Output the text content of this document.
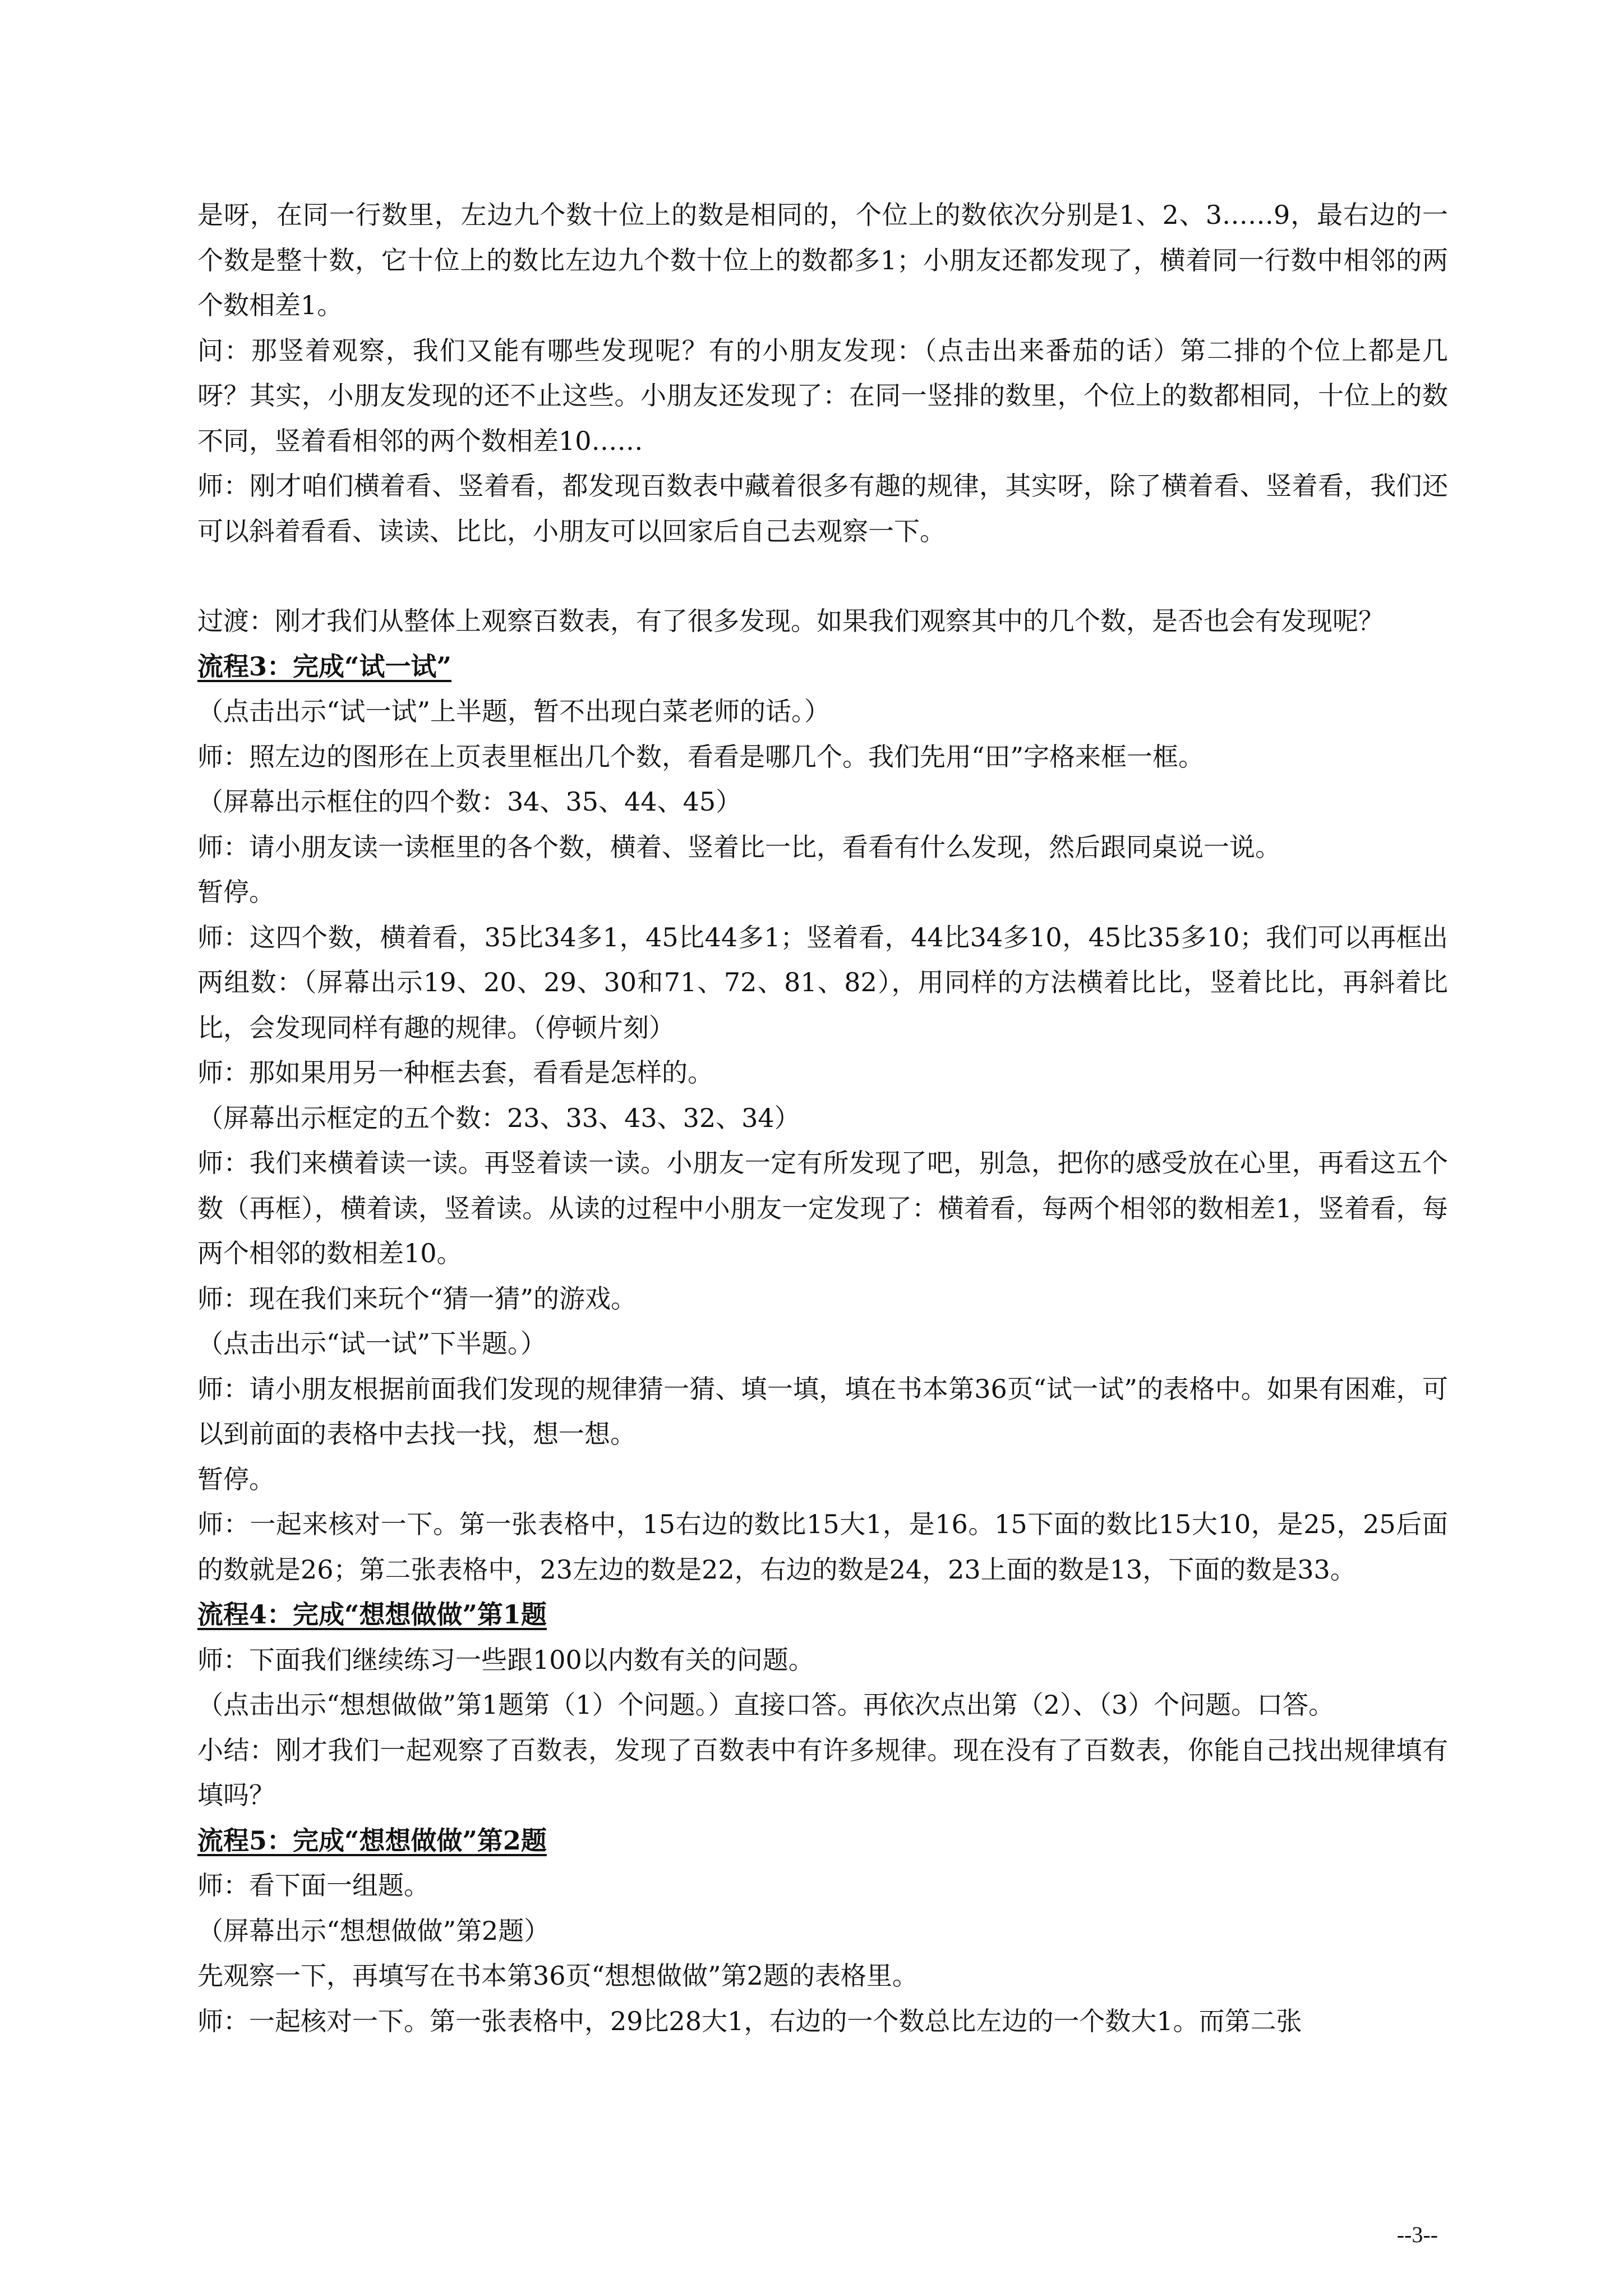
是呀，在同一行数里，左边九个数十位上的数是相同的，个位上的数依次分别是1、2、3……9，最右边的一个数是整十数，它十位上的数比左边九个数十位上的数都多1；小朋友还都发现了，横着同一行数中相邻的两个数相差1。

问：那竖着观察，我们又能有哪些发现呢？有的小朋友发现：（点击出来番茄的话）第二排的个位上都是几呀？其实，小朋友发现的还不止这些。小朋友还发现了：在同一竖排的数里，个位上的数都相同，十位上的数不同，竖着看相邻的两个数相差10……

师：刚才咱们横着看、竖着看，都发现百数表中藏着很多有趣的规律，其实呀，除了横着看、竖着看，我们还可以斜着看看、读读、比比，小朋友可以回家后自己去观察一下。

过渡：刚才我们从整体上观察百数表，有了很多发现。如果我们观察其中的几个数，是否也会有发现呢？

流程3：完成“试一试”

（点击出示“试一试”上半题，暂不出现白菜老师的话。）

师：照左边的图形在上页表里框出几个数，看看是哪几个。我们先用“田”字格来框一框。

（屏幕出示框住的四个数：34、35、44、45）

师：请小朋友读一读框里的各个数，横着、竖着比一比，看看有什么发现，然后跟同桌说一说。

暂停。

师：这四个数，横着看，35比34多1，45比44多1；竖着看，44比34多10，45比35多10；我们可以再框出两组数：（屏幕出示19、20、29、30和71、72、81、82），用同样的方法横着比比，竖着比比，再斜着比比，会发现同样有趣的规律。（停顿片刻）

师：那如果用另一种框去套，看看是怎样的。

（屏幕出示框定的五个数：23、33、43、32、34）

师：我们来横着读一读。再竖着读一读。小朋友一定有所发现了吧，别急，把你的感受放在心里，再看这五个数（再框），横着读，竖着读。从读的过程中小朋友一定发现了：横着看，每两个相邻的数相差1，竖着看，每两个相邻的数相差10。

师：现在我们来玩个“猜一猜”的游戏。

（点击出示“试一试”下半题。）

师：请小朋友根据前面我们发现的规律猜一猜、填一填，填在书本第36页“试一试”的表格中。如果有困难，可以到前面的表格中去找一找，想一想。

暂停。

师：一起来核对一下。第一张表格中，15右边的数比15大1，是16。15下面的数比15大10，是25，25后面的数就是26；第二张表格中，23左边的数是22，右边的数是24，23上面的数是13，下面的数是33。

流程4：完成“想想做做”第1题

师：下面我们继续练习一些跟100以内数有关的问题。

（点击出示“想想做做”第1题第（1）个问题。）直接口答。再依次点出第（2）、（3）个问题。口答。

小结：刚才我们一起观察了百数表，发现了百数表中有许多规律。现在没有了百数表，你能自己找出规律填有填吗？

流程5：完成“想想做做”第2题

师：看下面一组题。

（屏幕出示“想想做做”第2题）

先观察一下，再填写在书本第36页“想想做做”第2题的表格里。

师：一起核对一下。第一张表格中，29比28大1，右边的一个数总比左边的一个数大1。而第二张

--3--
